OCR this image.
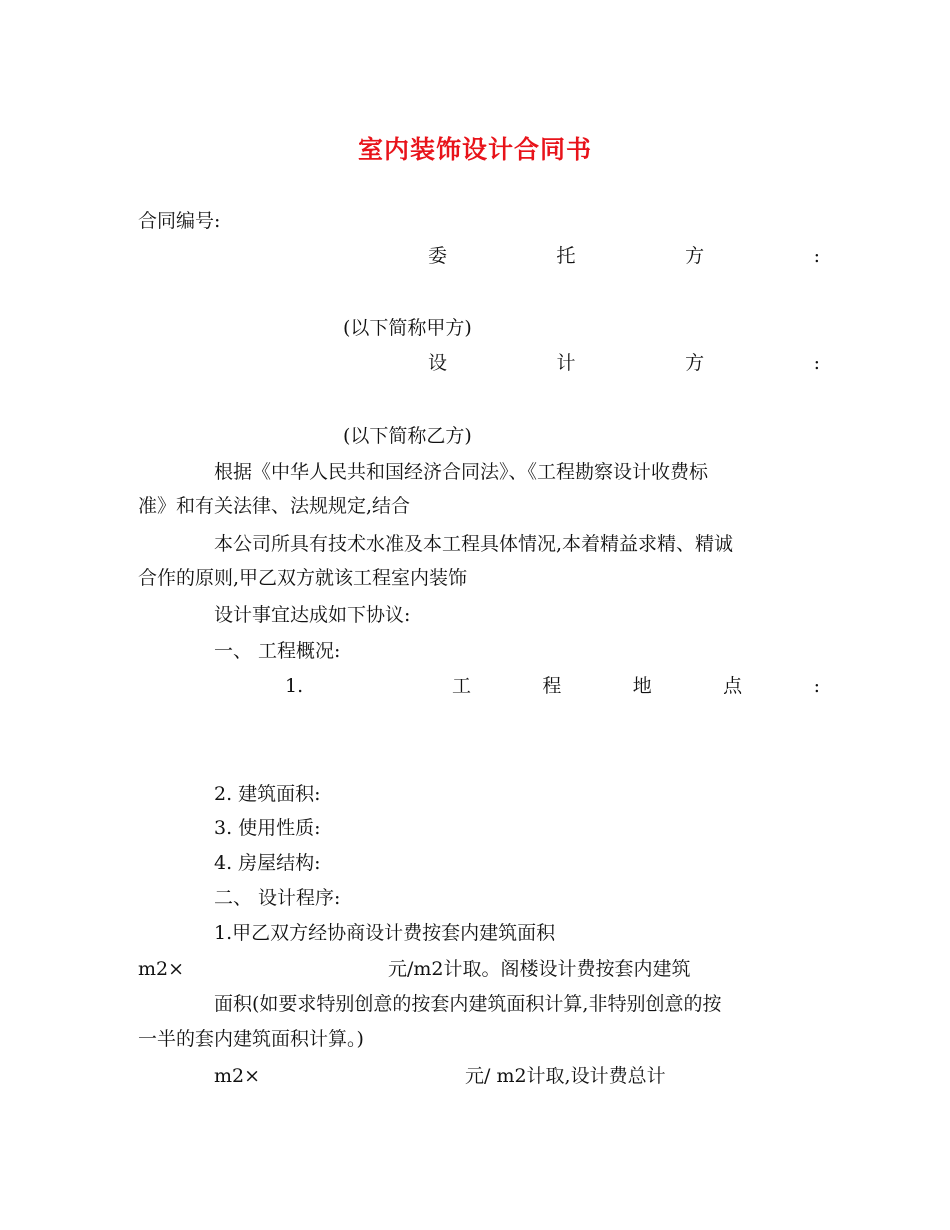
室内装饰设计合同书
合同编号:
委	托	方	:
(以下简称甲方)
设	计	方	:
(以下简称乙方)
根据《中华人民共和国经济合同法》、《工程勘察设计收费标
准》和有关法律、法规规定,结合
本公司所具有技术水准及本工程具体情况,本着精益求精、精诚
合作的原则,甲乙双方就该工程室内装饰
设计事宜达成如下协议:
一、 工程概况:
1.	工	程	地	点	:
2. 建筑面积:
3. 使用性质:
4. 房屋结构:
二、 设计程序:
1.甲乙双方经协商设计费按套内建筑面积
m2×	元/m2计取。阁楼设计费按套内建筑
面积(如要求特别创意的按套内建筑面积计算,非特别创意的按
一半的套内建筑面积计算。)
m2×	元/ m2计取,设计费总计
